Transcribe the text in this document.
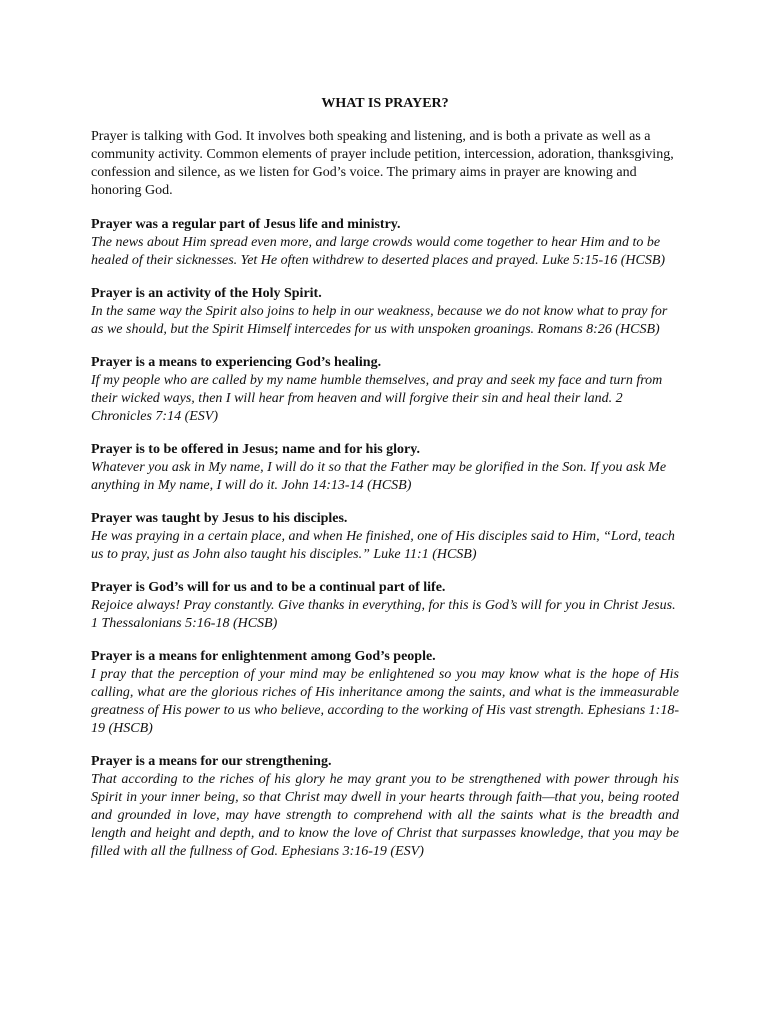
WHAT IS PRAYER?
Prayer is talking with God. It involves both speaking and listening, and is both a private as well as a community activity. Common elements of prayer include petition, intercession, adoration, thanksgiving, confession and silence, as we listen for God’s voice. The primary aims in prayer are knowing and honoring God.
Prayer was a regular part of Jesus life and ministry.
The news about Him spread even more, and large crowds would come together to hear Him and to be healed of their sicknesses. Yet He often withdrew to deserted places and prayed. Luke 5:15-16 (HCSB)
Prayer is an activity of the Holy Spirit.
In the same way the Spirit also joins to help in our weakness, because we do not know what to pray for as we should, but the Spirit Himself intercedes for us with unspoken groanings. Romans 8:26 (HCSB)
Prayer is a means to experiencing God’s healing.
If my people who are called by my name humble themselves, and pray and seek my face and turn from their wicked ways, then I will hear from heaven and will forgive their sin and heal their land. 2 Chronicles 7:14 (ESV)
Prayer is to be offered in Jesus; name and for his glory.
Whatever you ask in My name, I will do it so that the Father may be glorified in the Son. If you ask Me anything in My name, I will do it. John 14:13-14 (HCSB)
Prayer was taught by Jesus to his disciples.
He was praying in a certain place, and when He finished, one of His disciples said to Him, “Lord, teach us to pray, just as John also taught his disciples.” Luke 11:1 (HCSB)
Prayer is God’s will for us and to be a continual part of life.
Rejoice always! Pray constantly. Give thanks in everything, for this is God’s will for you in Christ Jesus. 1 Thessalonians 5:16-18 (HCSB)
Prayer is a means for enlightenment among God’s people.
I pray that the perception of your mind may be enlightened so you may know what is the hope of His calling, what are the glorious riches of His inheritance among the saints, and what is the immeasurable greatness of His power to us who believe, according to the working of His vast strength. Ephesians 1:18-19 (HSCB)
Prayer is a means for our strengthening.
That according to the riches of his glory he may grant you to be strengthened with power through his Spirit in your inner being, so that Christ may dwell in your hearts through faith—that you, being rooted and grounded in love, may have strength to comprehend with all the saints what is the breadth and length and height and depth, and to know the love of Christ that surpasses knowledge, that you may be filled with all the fullness of God. Ephesians 3:16-19 (ESV)
